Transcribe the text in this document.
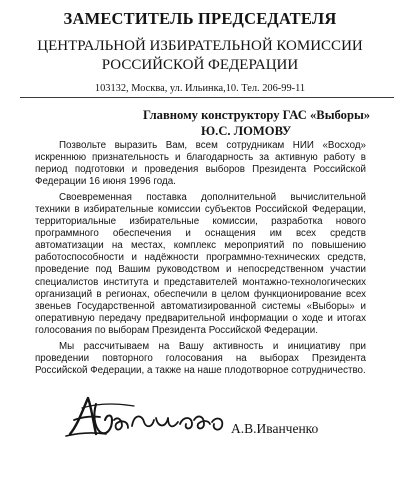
ЗАМЕСТИТЕЛЬ ПРЕДСЕДАТЕЛЯ
ЦЕНТРАЛЬНОЙ ИЗБИРАТЕЛЬНОЙ КОМИССИИ
РОССИЙСКОЙ ФЕДЕРАЦИИ
103132, Москва, ул. Ильинка,10. Тел. 206-99-11
Главному конструктору ГАС «Выборы»
Ю.С. ЛОМОВУ

Позвольте выразить Вам, всем сотрудникам НИИ «Восход» искреннюю признательность и благодарность за активную работу в период подготовки и проведения выборов Президента Российской Федерации 16 июня 1996 года.

Своевременная поставка дополнительной вычислительной техники в избирательные комиссии субъектов Российской Федерации, территориальные избирательные комиссии, разработка нового программного обеспечения и оснащения им всех средств автоматизации на местах, комплекс мероприятий по повышению работоспособности и надёжности программно-технических средств, проведение под Вашим руководством и непосредственном участии специалистов института и представителей монтажно-технологических организаций в регионах, обеспечили в целом функционирование всех звеньев Государственной автоматизированной системы «Выборы» и оперативную передачу предварительной информации о ходе и итогах голосования по выборам Президента Российской Федерации.

Мы рассчитываем на Вашу активность и инициативу при проведении повторного голосования на выборах Президента Российской Федерации, а также на наше плодотворное сотрудничество.

А.В.Иванченко
